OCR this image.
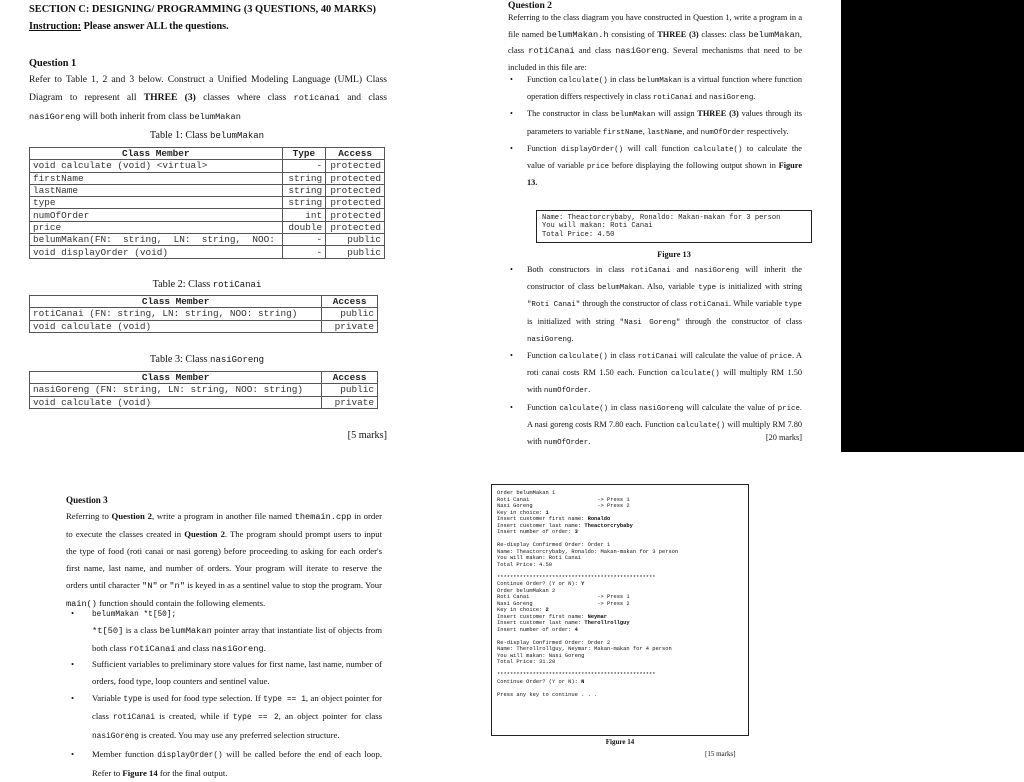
SECTION C: DESIGNING/ PROGRAMMING (3 QUESTIONS, 40 MARKS)
Instruction: Please answer ALL the questions.
Question 1

Refer to Table 1, 2 and 3 below. Construct a Unified Modeling Language (UML) Class Diagram to represent all THREE (3) classes where class roticanai and class nasiGoreng will both inherit from class belumMakan

Table 1: Class belumMakan
Class Member	Type	Access
void calculate (void) <virtual>	-	protected
firstName	string	protected
lastName	string	protected
type	string	protected
numOfOrder	int	protected
price	double	protected
belumMakan(FN:  string,  LN:  string,  NOO:	-	public
void displayOrder (void)	-	public
Table 2: Class rotiCanai
Class Member	Access
rotiCanai (FN: string, LN: string, NOO: string)	public
void calculate (void)	private
Table 3: Class nasiGoreng
Class Member	Access
nasiGoreng (FN: string, LN: string, NOO: string)	public
void calculate (void)	private
[5 marks]
Question 2

Referring to the class diagram you have constructed in Question 1, write a program in a file named belumMakan.h consisting of THREE (3) classes: class belumMakan, class rotiCanai and class nasiGoreng. Several mechanisms that need to be included in this file are:

• Function calculate() in class belumMakan is a virtual function where function operation differs respectively in class rotiCanai and nasiGoreng.
• The constructor in class belumMakan will assign THREE (3) values through its parameters to variable firstName, lastName, and numOfOrder respectively.
• Function displayOrder() will call function calculate() to calculate the value of variable price before displaying the following output shown in Figure 13.
Name: Theactorcrybaby, Ronaldo: Makan-makan for 3 person
You will makan: Roti Canai
Total Price: 4.50
Figure 13
• Both constructors in class rotiCanai and nasiGoreng will inherit the constructor of class belumMakan. Also, variable type is initialized with string "Roti Canai" through the constructor of class rotiCanai. While variable type is initialized with string "Nasi Goreng" through the constructor of class nasiGoreng.
• Function calculate() in class rotiCanai will calculate the value of price. A roti canai costs RM 1.50 each. Function calculate() will multiply RM 1.50 with numOfOrder.
• Function calculate() in class nasiGoreng will calculate the value of price. A nasi goreng costs RM 7.80 each. Function calculate() will multiply RM 7.80 with numOfOrder.	[20 marks]
Question 3

Referring to Question 2, write a program in another file named themain.cpp in order to execute the classes created in Question 2. The program should prompt users to input the type of food (roti canai or nasi goreng) before proceeding to asking for each order's first name, last name, and number of orders. Your program will iterate to reserve the orders until character "N" or "n" is keyed in as a sentinel value to stop the program. Your main() function should contain the following elements.

• belumMakan *t[50];
*t[50] is a class belumMakan pointer array that instantiate list of objects from both class rotiCanai and class nasiGoreng.
• Sufficient variables to preliminary store values for first name, last name, number of orders, food type, loop counters and sentinel value.
• Variable type is used for food type selection. If type == 1, an object pointer for class rotiCanai is created, while if type == 2, an object pointer for class nasiGoreng is created. You may use any preferred selection structure.
• Member function displayOrder() will be called before the end of each loop. Refer to Figure 14 for the final output.
Order belumMakan 1
Roti Canai                     -> Press 1
Nasi Goreng                    -> Press 2
Key in choice: 1
Insert customer first name: Ronaldo
Insert customer last name: Theactorcrybaby
Insert number of order: 3
Re-display Confirmed Order: Order 1
Name: Theactorcrybaby, Ronaldo: Makan-makan for 3 person
You will makan: Roti Canai
Total Price: 4.50
*************************************************
Continue Order? (Y or N): Y
Order belumMakan 2
Roti Canai                     -> Press 1
Nasi Goreng                    -> Press 2
Key in choice: 2
Insert customer first name: Neymar
Insert customer last name: Therollrollguy
Insert number of order: 4
Re-display Confirmed Order: Order 2
Name: Therollrollguy, Neymar: Makan-makan for 4 person
You will makan: Nasi Goreng
Total Price: 31.20
*************************************************
Continue Order? (Y or N): N
Press any key to continue . . .
Figure 14
[15 marks]
